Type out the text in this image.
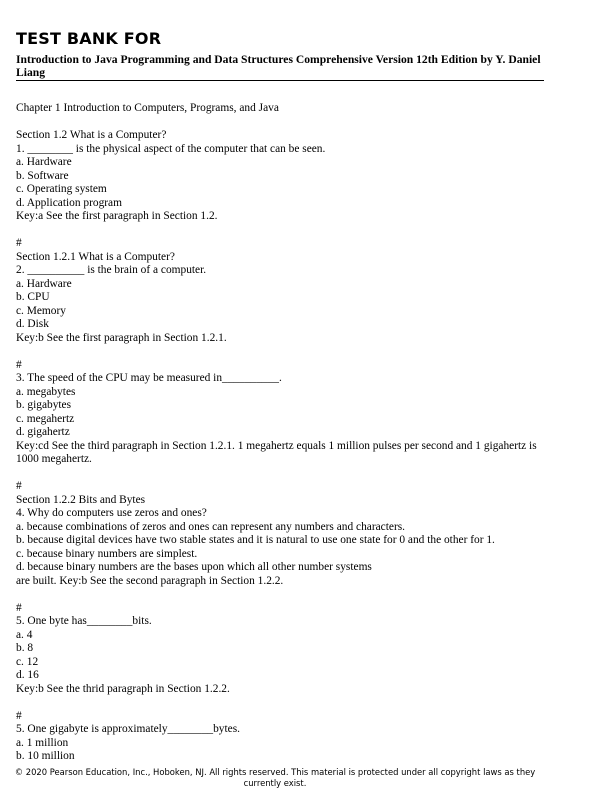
TEST BANK FOR
Introduction to Java Programming and Data Structures Comprehensive Version 12th Edition by Y. Daniel Liang
Chapter 1 Introduction to Computers, Programs, and Java
Section 1.2 What is a Computer?
1. ________ is the physical aspect of the computer that can be seen.
a. Hardware
b. Software
c. Operating system
d. Application program
Key:a See the first paragraph in Section 1.2.
#
Section 1.2.1 What is a Computer?
2. __________ is the brain of a computer.
a. Hardware
b. CPU
c. Memory
d. Disk
Key:b See the first paragraph in Section 1.2.1.
#
3. The speed of the CPU may be measured in__________.
a. megabytes
b. gigabytes
c. megahertz
d. gigahertz
Key:cd See the third paragraph in Section 1.2.1. 1 megahertz equals 1 million pulses per second and 1 gigahertz is 1000 megahertz.
#
Section 1.2.2 Bits and Bytes
4. Why do computers use zeros and ones?
a. because combinations of zeros and ones can represent any numbers and characters.
b. because digital devices have two stable states and it is natural to use one state for 0 and the other for 1.
c. because binary numbers are simplest.
d. because binary numbers are the bases upon which all other number systems
are built. Key:b See the second paragraph in Section 1.2.2.
#
5. One byte has________bits.
a. 4
b. 8
c. 12
d. 16
Key:b See the thrid paragraph in Section 1.2.2.
#
5. One gigabyte is approximately________bytes.
a. 1 million
b. 10 million
© 2020 Pearson Education, Inc., Hoboken, NJ. All rights reserved. This material is protected under all copyright laws as they currently exist.
